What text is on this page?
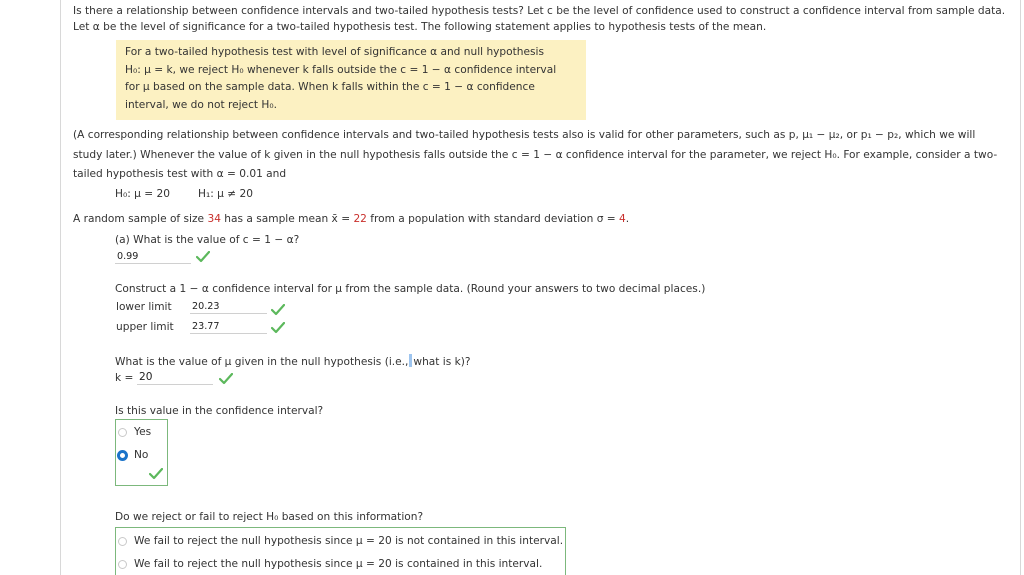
Is there a relationship between confidence intervals and two-tailed hypothesis tests? Let c be the level of confidence used to construct a confidence interval from sample data.
Let α be the level of significance for a two-tailed hypothesis test. The following statement applies to hypothesis tests of the mean.
For a two-tailed hypothesis test with level of significance α and null hypothesis
H₀: μ = k, we reject H₀ whenever k falls outside the c = 1 − α confidence interval
for μ based on the sample data. When k falls within the c = 1 − α confidence
interval, we do not reject H₀.
(A corresponding relationship between confidence intervals and two-tailed hypothesis tests also is valid for other parameters, such as p, μ₁ − μ₂, or p₁ − p₂, which we will
study later.) Whenever the value of k given in the null hypothesis falls outside the c = 1 − α confidence interval for the parameter, we reject H₀. For example, consider a two-
tailed hypothesis test with α = 0.01 and
H₀: μ = 20	H₁: μ ≠ 20
A random sample of size 34 has a sample mean x̄ = 22 from a population with standard deviation σ = 4.
(a) What is the value of c = 1 − α?
0.99
Construct a 1 − α confidence interval for μ from the sample data. (Round your answers to two decimal places.)
lower limit 20.23
upper limit 23.77
What is the value of μ given in the null hypothesis (i.e., what is k)?
k = 20
Is this value in the confidence interval?
Yes
No
Do we reject or fail to reject H₀ based on this information?
We fail to reject the null hypothesis since μ = 20 is not contained in this interval.
We fail to reject the null hypothesis since μ = 20 is contained in this interval.
